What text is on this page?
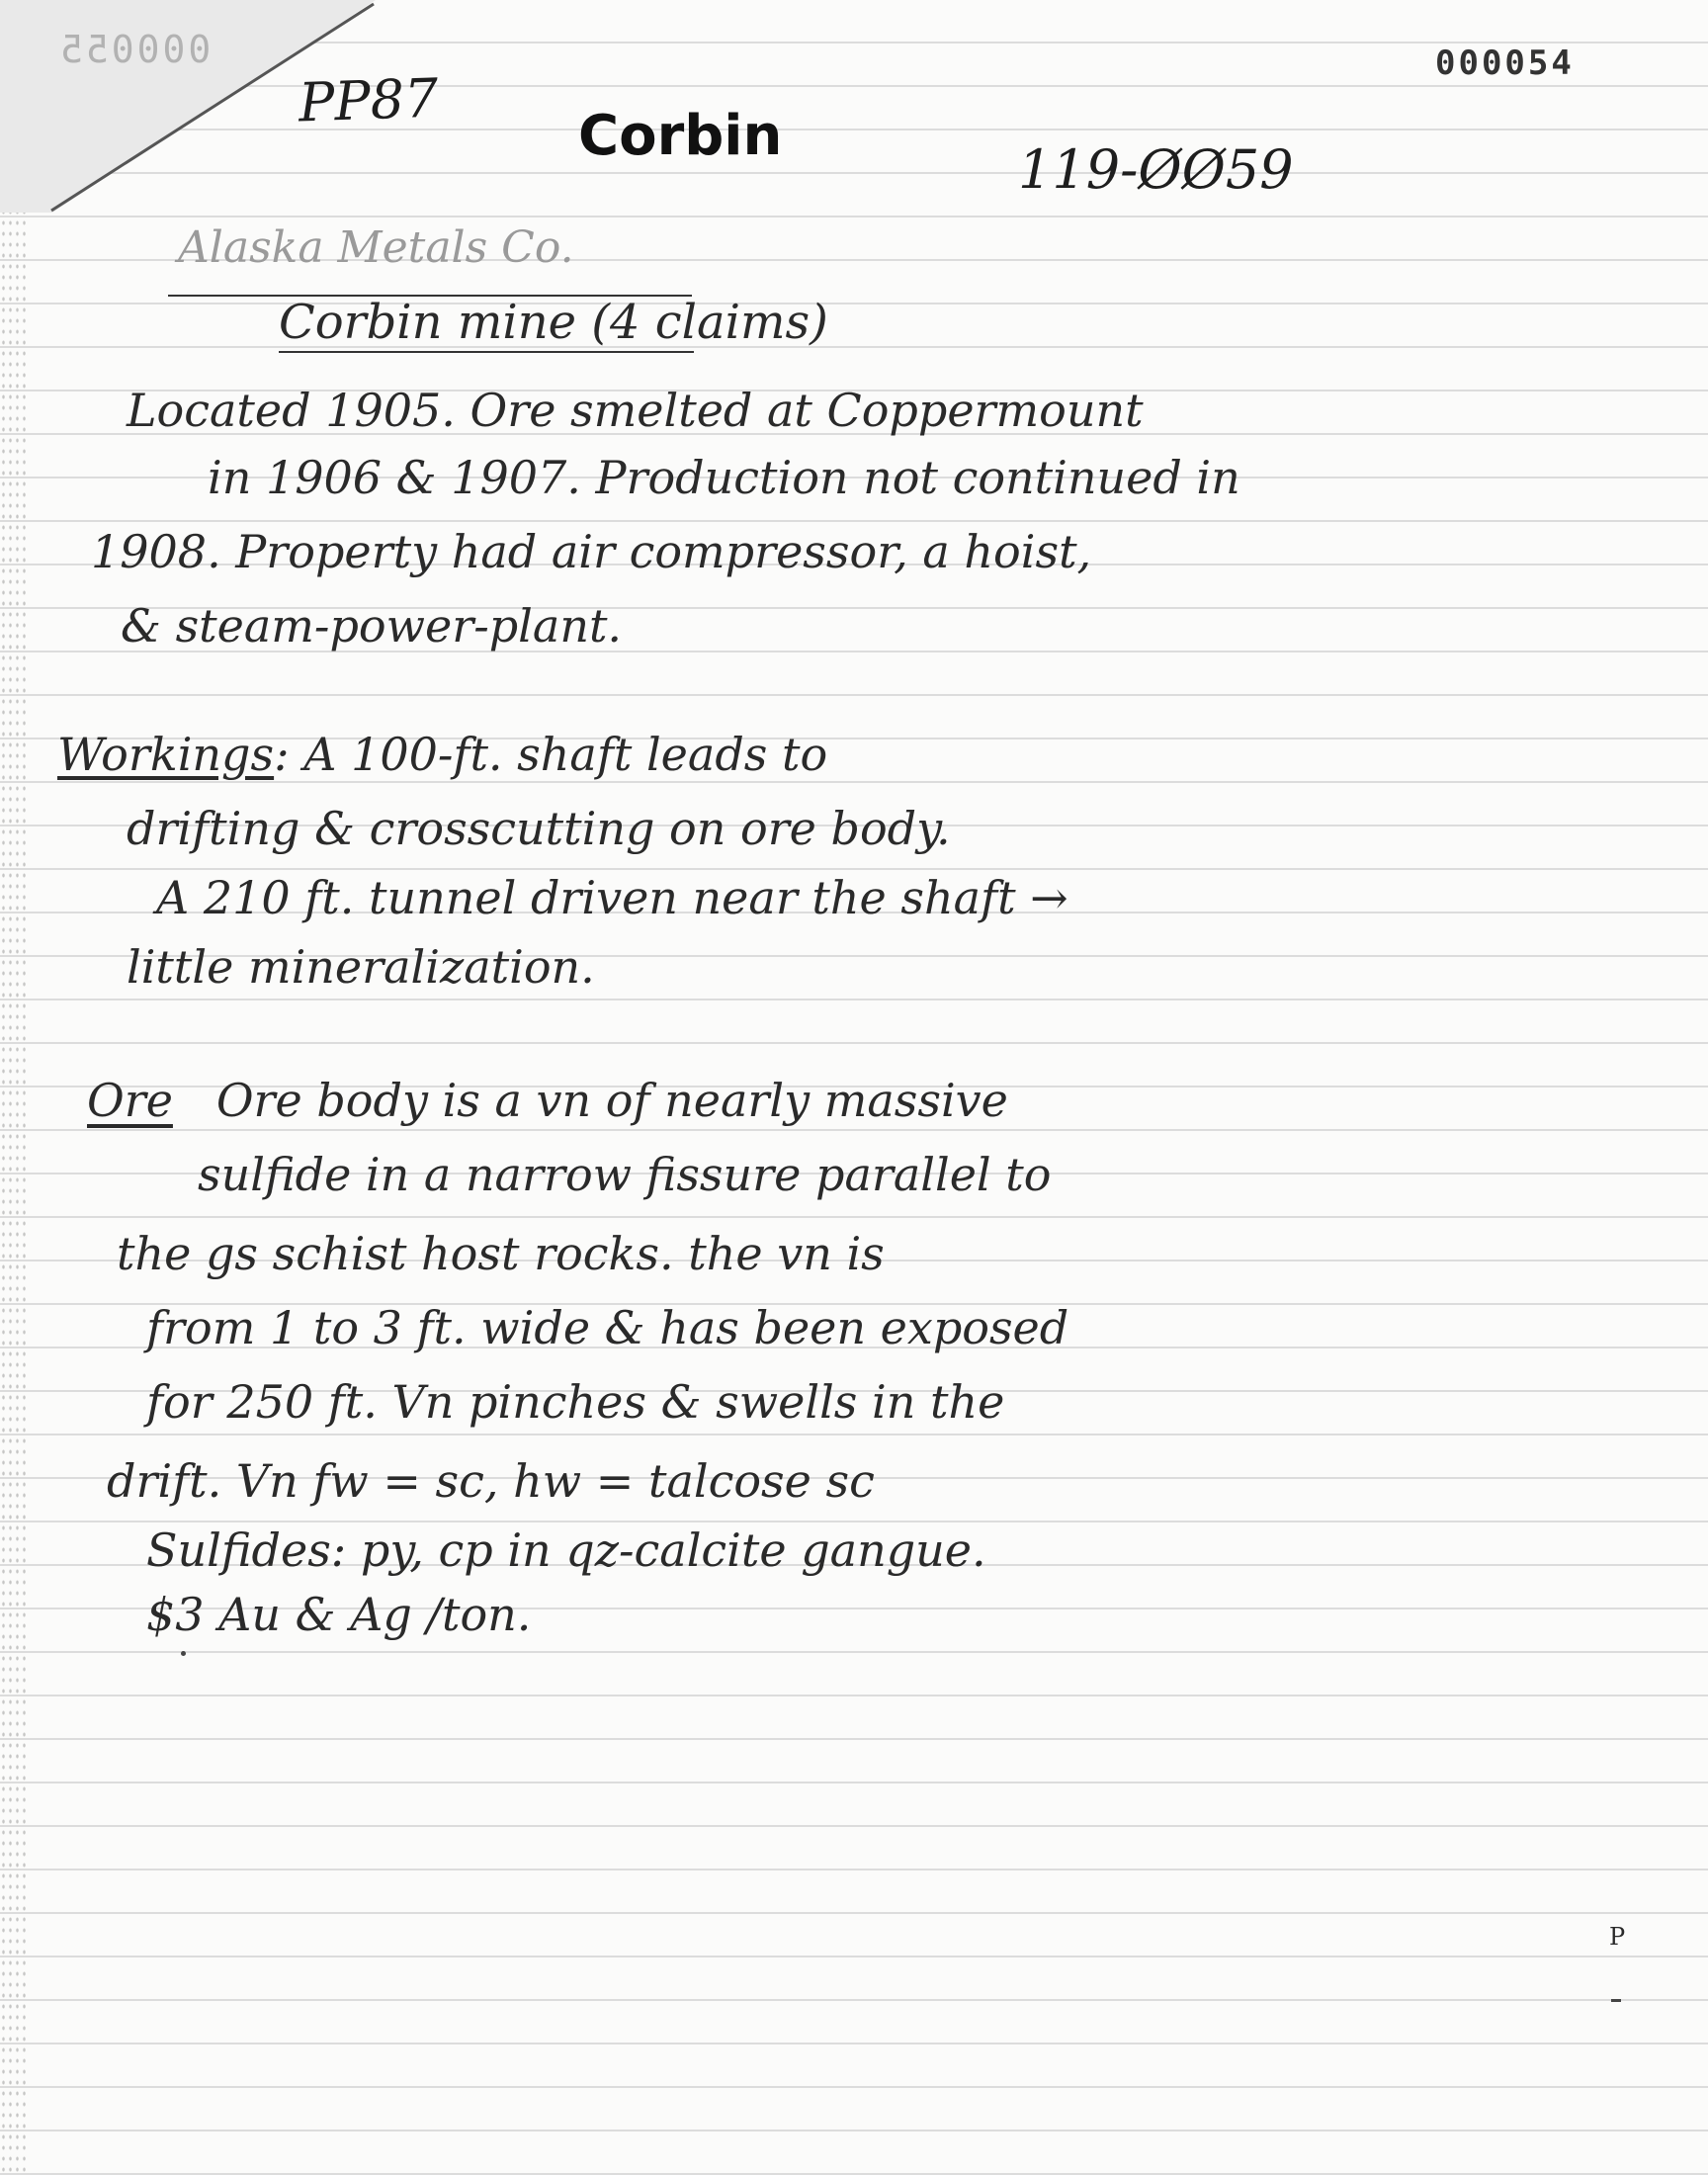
000055	000054
PP87
Corbin
119-ØØ59
Alaska Metals Co.
Corbin mine (4 claims)
Located 1905. Ore smelted at Coppermount
in 1906 & 1907. Production not continued in
1908. Property had air compressor, a hoist,
& steam-power-plant.
Workings: A 100-ft. shaft leads to
drifting & crosscutting on ore body.
A 210 ft. tunnel driven near the shaft →
little mineralization.
Ore Ore body is a vn of nearly massive
sulfide in a narrow fissure parallel to
the gs schist host rocks. the vn is
from 1 to 3 ft. wide & has been exposed
for 250 ft. Vn pinches & swells in the
drift. Vn fw = sc, hw = talcose sc
Sulfides: py, cp in qz-calcite gangue.
$3 Au & Ag /ton.
P
